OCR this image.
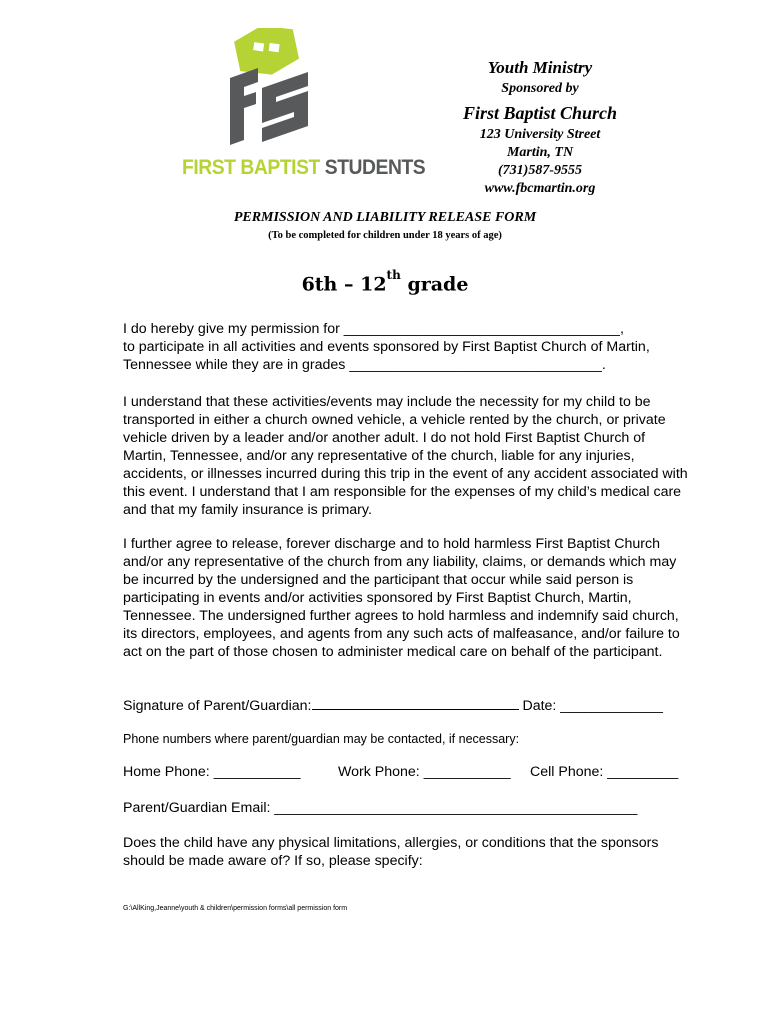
FIRST BAPTIST STUDENTS
Youth Ministry
Sponsored by
First Baptist Church
123 University Street
Martin, TN
(731)587-9555
www.fbcmartin.org
PERMISSION AND LIABILITY RELEASE FORM
(To be completed for children under 18 years of age)
6th – 12th grade
I do hereby give my permission for ___________________________________,
to participate in all activities and events sponsored by First Baptist Church of Martin,
Tennessee while they are in grades ________________________________.
I understand that these activities/events may include the necessity for my child to be
transported in either a church owned vehicle, a vehicle rented by the church, or private
vehicle driven by a leader and/or another adult. I do not hold First Baptist Church of
Martin, Tennessee, and/or any representative of the church, liable for any injuries,
accidents, or illnesses incurred during this trip in the event of any accident associated with
this event. I understand that I am responsible for the expenses of my child’s medical care
and that my family insurance is primary.
I further agree to release, forever discharge and to hold harmless First Baptist Church
and/or any representative of the church from any liability, claims, or demands which may
be incurred by the undersigned and the participant that occur while said person is
participating in events and/or activities sponsored by First Baptist Church, Martin,
Tennessee. The undersigned further agrees to hold harmless and indemnify said church,
its directors, employees, and agents from any such acts of malfeasance, and/or failure to
act on the part of those chosen to administer medical care on behalf of the participant.
Signature of Parent/Guardian:	Date: _____________
Phone numbers where parent/guardian may be contacted, if necessary:
Home Phone: ___________	Work Phone: ___________ Cell Phone: _________
Parent/Guardian Email: ______________________________________________
Does the child have any physical limitations, allergies, or conditions that the sponsors
should be made aware of? If so, please specify:
G:\AllKing,Jeanne\youth & children\permission forms\all permission form
